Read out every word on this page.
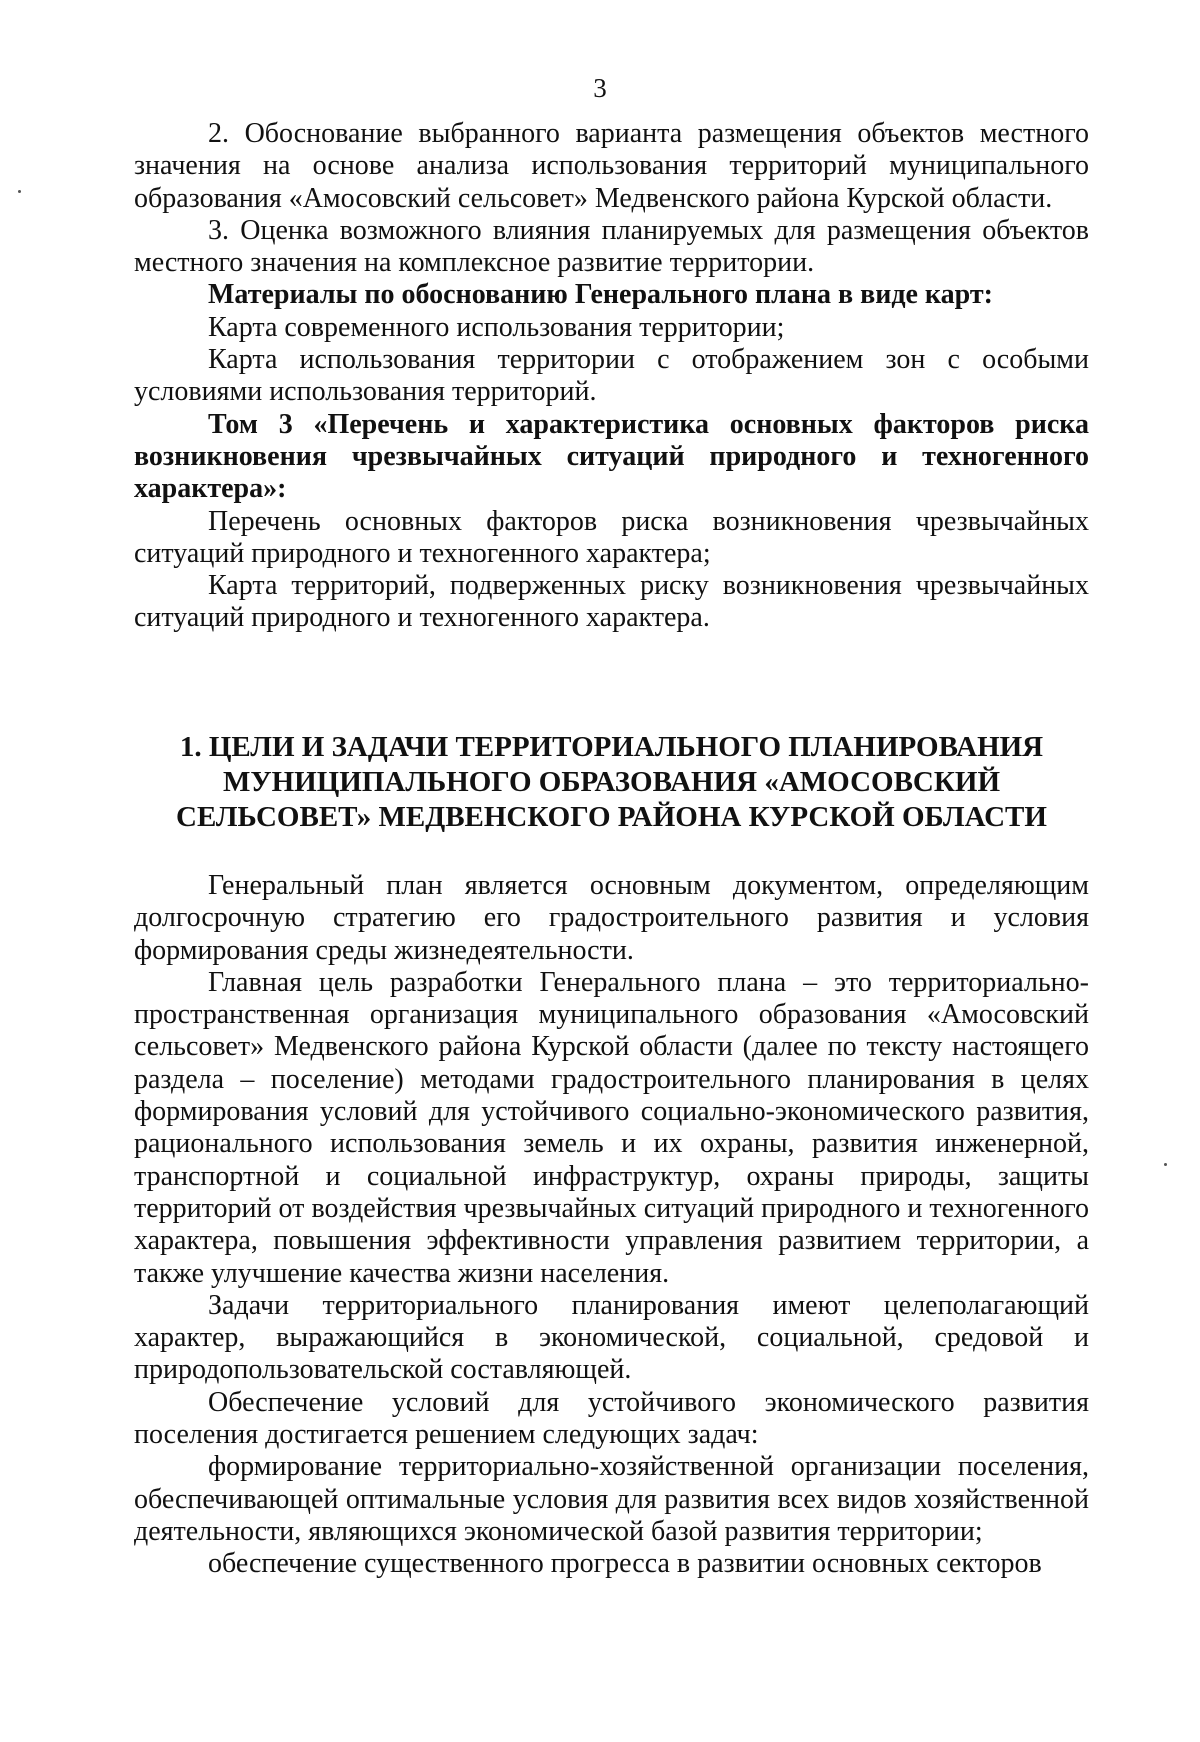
3

2. Обоснование выбранного варианта размещения объектов местного значения на основе анализа использования территорий муниципального образования «Амосовский сельсовет» Медвенского района Курской области.

3. Оценка возможного влияния планируемых для размещения объектов местного значения на комплексное развитие территории.

Материалы по обоснованию Генерального плана в виде карт:

Карта современного использования территории;

Карта использования территории с отображением зон с особыми условиями использования территорий.

Том 3 «Перечень и характеристика основных факторов риска возникновения чрезвычайных ситуаций природного и техногенного характера»:

Перечень основных факторов риска возникновения чрезвычайных ситуаций природного и техногенного характера;

Карта территорий, подверженных риску возникновения чрезвычайных ситуаций природного и техногенного характера.

1. ЦЕЛИ И ЗАДАЧИ ТЕРРИТОРИАЛЬНОГО ПЛАНИРОВАНИЯ

МУНИЦИПАЛЬНОГО ОБРАЗОВАНИЯ «АМОСОВСКИЙ

СЕЛЬСОВЕТ» МЕДВЕНСКОГО РАЙОНА КУРСКОЙ ОБЛАСТИ

Генеральный план является основным документом, определяющим долгосрочную стратегию его градостроительного развития и условия формирования среды жизнедеятельности.

Главная цель разработки Генерального плана – это территориально-пространственная организация муниципального образования «Амосовский сельсовет» Медвенского района Курской области (далее по тексту настоящего раздела – поселение) методами градостроительного планирования в целях формирования условий для устойчивого социально-экономического развития, рационального использования земель и их охраны, развития инженерной, транспортной и социальной инфраструктур, охраны природы, защиты территорий от воздействия чрезвычайных ситуаций природного и техногенного характера, повышения эффективности управления развитием территории, а также улучшение качества жизни населения.

Задачи территориального планирования имеют целеполагающий характер, выражающийся в экономической, социальной, средовой и природопользовательской составляющей.

Обеспечение условий для устойчивого экономического развития поселения достигается решением следующих задач:

формирование территориально-хозяйственной организации поселения, обеспечивающей оптимальные условия для развития всех видов хозяйственной деятельности, являющихся экономической базой развития территории;

обеспечение существенного прогресса в развитии основных секторов
